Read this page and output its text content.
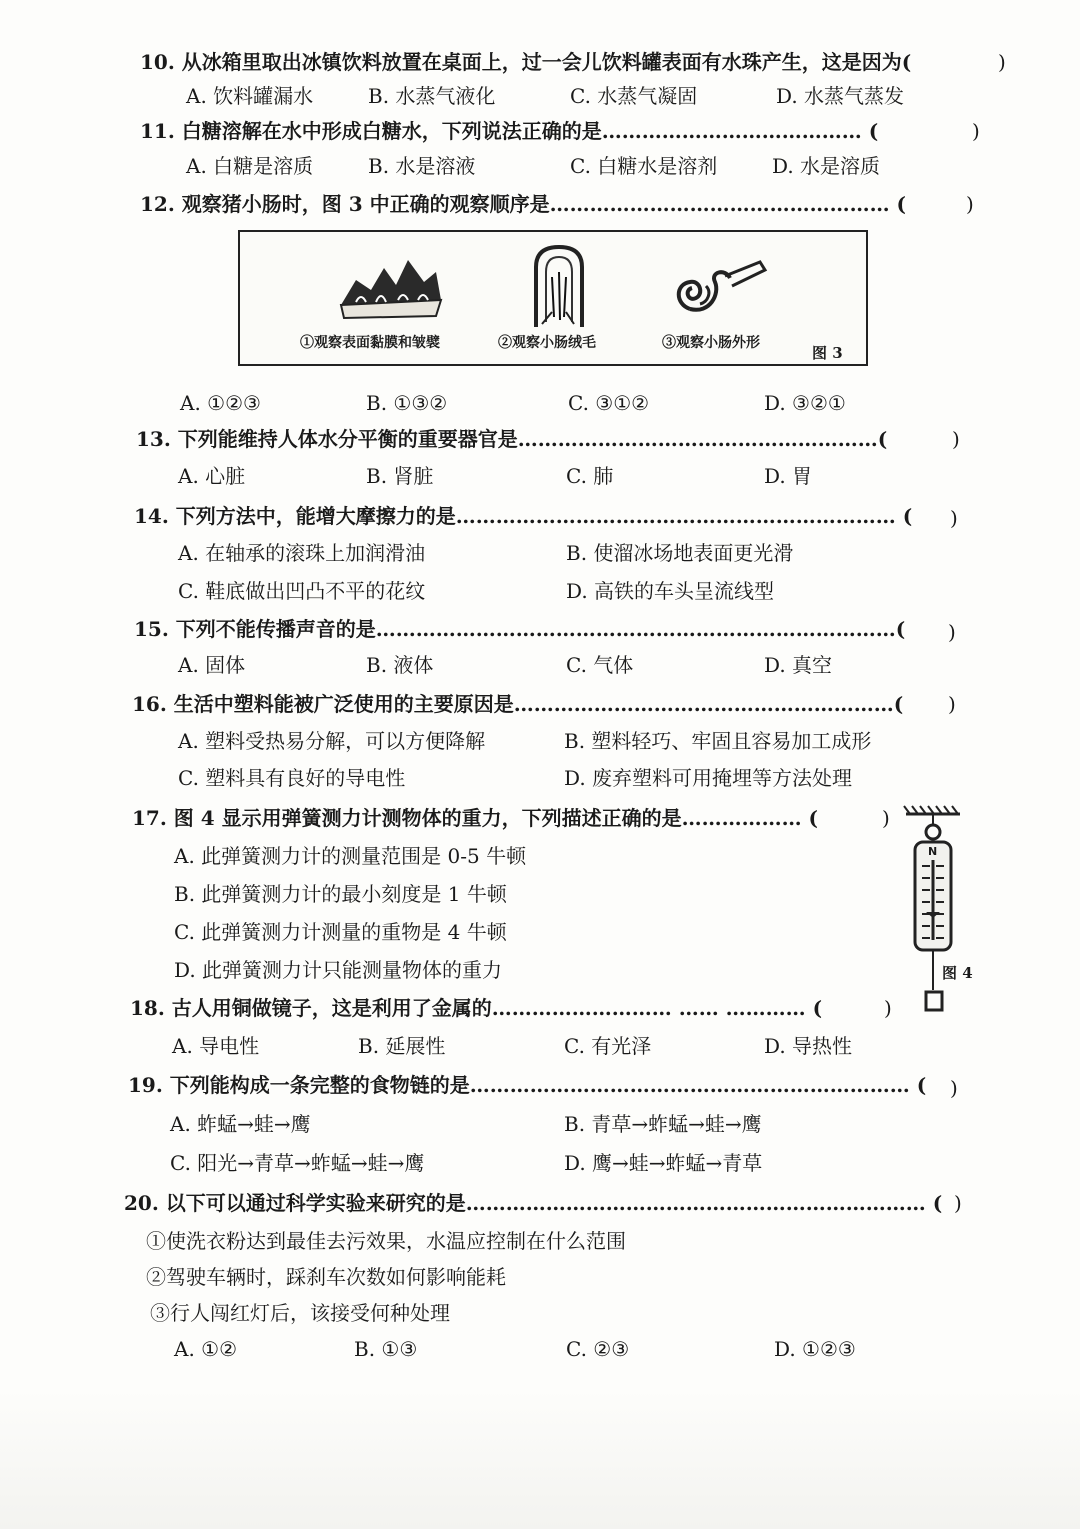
10. 从冰箱里取出冰镇饮料放置在桌面上，过一会儿饮料罐表面有水珠产生，这是因为(	)
A. 饮料罐漏水	B. 水蒸气液化	C. 水蒸气凝固	D. 水蒸气蒸发
11. 白糖溶解在水中形成白糖水，下列说法正确的是………………………………… (	)
A. 白糖是溶质	B. 水是溶液	C. 白糖水是溶剂	D. 水是溶质
12. 观察猪小肠时，图 3 中正确的观察顺序是…………………………………………… (	)
①观察表面黏膜和皱襞	②观察小肠绒毛	③观察小肠外形
图 3
A. ①②③	B. ①③②	C. ③①②	D. ③②①
13. 下列能维持人体水分平衡的重要器官是………………………………………………(	)
A. 心脏	B. 肾脏	C. 肺	D. 胃
14. 下列方法中，能增大摩擦力的是………………………………………………………… ( )
A. 在轴承的滚珠上加润滑油	B. 使溜冰场地表面更光滑
C. 鞋底做出凹凸不平的花纹	D. 高铁的车头呈流线型
15. 下列不能传播声音的是……………………………………………………………………( )
A. 固体	B. 液体	C. 气体	D. 真空
16. 生活中塑料能被广泛使用的主要原因是…………………………………………………( )
A. 塑料受热易分解，可以方便降解	B. 塑料轻巧、牢固且容易加工成形
C. 塑料具有良好的导电性	D. 废弃塑料可用掩埋等方法处理
17. 图 4 显示用弹簧测力计测物体的重力，下列描述正确的是……………… (	)
A. 此弹簧测力计的测量范围是 0-5 牛顿
B. 此弹簧测力计的最小刻度是 1 牛顿
C. 此弹簧测力计测量的重物是 4 牛顿
D. 此弹簧测力计只能测量物体的重力
N
图 4
18. 古人用铜做镜子，这是利用了金属的……………………… …… ………… (	)
A. 导电性	B. 延展性	C. 有光泽	D. 导热性
19. 下列能构成一条完整的食物链的是………………………………………………………… ( )
A. 蚱蜢→蛙→鹰	B. 青草→蚱蜢→蛙→鹰
C. 阳光→青草→蚱蜢→蛙→鹰	D. 鹰→蛙→蚱蜢→青草
20. 以下可以通过科学实验来研究的是…………………………………………………………… ( )
①使洗衣粉达到最佳去污效果，水温应控制在什么范围
②驾驶车辆时，踩刹车次数如何影响能耗
③行人闯红灯后，该接受何种处理
A. ①②	B. ①③	C. ②③	D. ①②③
